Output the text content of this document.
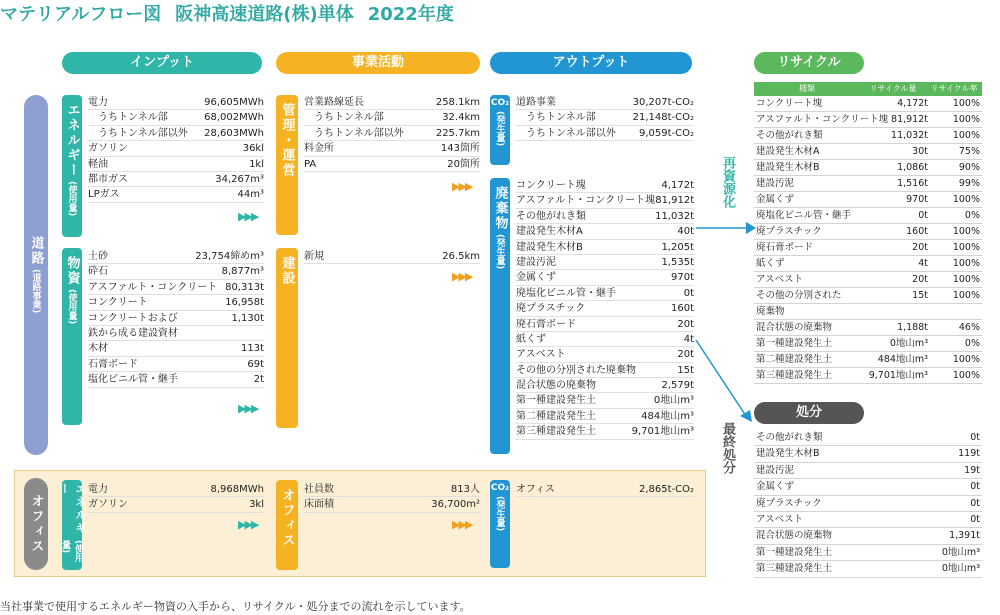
マテリアルフロー図 阪神高速道路(株)単体 2022年度
インプット	事業活動	アウトプット	リサイクル
処分
道路
(道路事業)
エネルギー
(使用量)
電力	96,605MWh
うちトンネル部	68,002MWh
うちトンネル部以外 28,603MWh
ガソリン	36kl
軽油	1kl
都市ガス	34,267m³
LPガス	44m³
▶▶▶
物資
(使用量)
土砂	23,754締めm³
砕石	8,877m³
アスファルト・コンクリート 80,313t
コンクリート	16,958t
コンクリートおよび	1,130t
鉄から成る建設資材
木材	113t
石膏ボード	69t
塩化ビニル管・継手	2t
▶▶▶
管理・運営
営業路線延長	258.1km
うちトンネル部	32.4km
うちトンネル部以外	225.7km
料金所	143箇所
PA	20箇所
▶▶▶
建設 新規	26.5km
▶▶▶
CO₂
(発生量)
道路事業	30,207t-CO₂
うちトンネル部	21,148t-CO₂
うちトンネル部以外 9,059t-CO₂
廃棄物
(発生量)
コンクリート塊	4,172t
アスファルト・コンクリート塊 81,912t
その他がれき類	11,032t
建設発生木材A	40t
建設発生木材B	1,205t
建設汚泥	1,535t
金属くず	970t
廃塩化ビニル管・継手	0t
廃プラスチック	160t
廃石膏ボード	20t
紙くず	4t
アスベスト	20t
その他の分別された廃棄物	15t
混合状態の廃棄物	2,579t
第一種建設発生土	0地山m³
第二種建設発生土	484地山m³
第三種建設発生土	9,701地山m³
オフィス	エネルギー
(使用量)
電力	8,968MWh
ガソリン	3kl
▶▶▶ オフィス 社員数	813人
床面積	36,700m²
▶▶▶
CO₂
(発生量)
オフィス	2,865t-CO₂
再資源化
最終処分
種類	リサイクル量	リサイクル率
コンクリート塊	4,172t	100%
アスファルト・コンクリート塊 81,912t	100%
その他がれき類	11,032t	100%
建設発生木材A	30t	75%
建設発生木材B	1,086t	90%
建設汚泥	1,516t	99%
金属くず	970t	100%
廃塩化ビニル管・継手	0t	0%
廃プラスチック	160t	100%
廃石膏ボード	20t	100%
紙くず	4t	100%
アスベスト	20t	100%
その他の分別された	15t	100%
廃棄物
混合状態の廃棄物	1,188t	46%
第一種建設発生土	0地山m³	0%
第二種建設発生土	484地山m³	100%
第三種建設発生土	9,701地山m³	100%
その他がれき類	0t
建設発生木材B	119t
建設汚泥	19t
金属くず	0t
廃プラスチック	0t
アスベスト	0t
混合状態の廃棄物	1,391t
第一種建設発生土	0地山m³
第三種建設発生土	0地山m³
当社事業で使用するエネルギー物資の入手から、リサイクル・処分までの流れを示しています。
